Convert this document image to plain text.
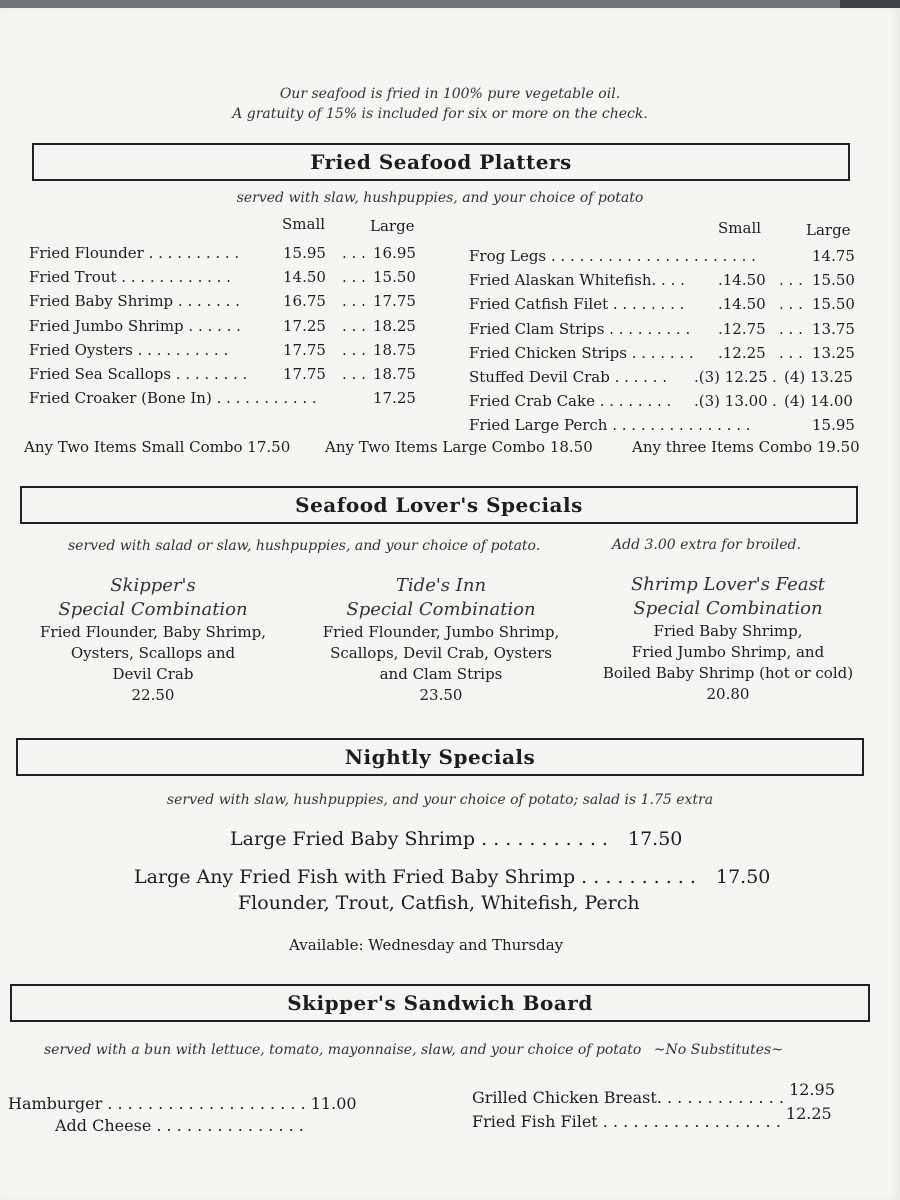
Our seafood is fried in 100% pure vegetable oil.
A gratuity of 15% is included for six or more on the check.
Fried Seafood Platters
served with slaw, hushpuppies, and your choice of potato
Small	Large	Small	Large
Fried Flounder . . . . . . . . . .	15.95 . . . 16.95
Fried Trout . . . . . . . . . . . .	14.50 . . . 15.50
Fried Baby Shrimp . . . . . . .	16.75 . . . 17.75
Fried Jumbo Shrimp . . . . . .	17.25 . . . 18.25
Fried Oysters . . . . . . . . . .	17.75 . . . 18.75
Fried Sea Scallops . . . . . . . . 17.75 . . . 18.75
Fried Croaker (Bone In) . . . . . . . . . . .	17.25
Frog Legs . . . . . . . . . . . . . . . . . . . . . .	14.75
Fried Alaskan Whitefish. . . . .14.50 . . . 15.50
Fried Catfish Filet . . . . . . . . .14.50 . . . 15.50
Fried Clam Strips . . . . . . . . . .12.75 . . . 13.75
Fried Chicken Strips . . . . . . . .12.25 . . . 13.25
Stuffed Devil Crab . . . . . . .(3) 12.25 . (4) 13.25
Fried Crab Cake . . . . . . . . .(3) 13.00 . (4) 14.00
Fried Large Perch . . . . . . . . . . . . . . .	15.95
Any Two Items Small Combo 17.50 Any Two Items Large Combo 18.50	Any three Items Combo 19.50
Seafood Lover's Specials
served with salad or slaw, hushpuppies, and your choice of potato.	Add 3.00 extra for broiled.
Skipper's
Special Combination
Fried Flounder, Baby Shrimp,
Oysters, Scallops and
Devil Crab
22.50
Tide's Inn
Special Combination
Fried Flounder, Jumbo Shrimp,
Scallops, Devil Crab, Oysters
and Clam Strips
23.50
Shrimp Lover's Feast
Special Combination
Fried Baby Shrimp,
Fried Jumbo Shrimp, and
Boiled Baby Shrimp (hot or cold)
20.80
Nightly Specials
served with slaw, hushpuppies, and your choice of potato; salad is 1.75 extra
Large Fried Baby Shrimp . . . . . . . . . . . 17.50
Large Any Fried Fish with Fried Baby Shrimp . . . . . . . . . . 17.50
Flounder, Trout, Catfish, Whitefish, Perch
Available: Wednesday and Thursday
Skipper's Sandwich Board
served with a bun with lettuce, tomato, mayonnaise, slaw, and your choice of potato ~No Substitutes~
Hamburger . . . . . . . . . . . . . . . . . . . . 11.00
Add Cheese . . . . . . . . . . . . . . .
Grilled Chicken Breast. . . . . . . . . . . . . 12.95
Fried Fish Filet . . . . . . . . . . . . . . . . . . 12.25
